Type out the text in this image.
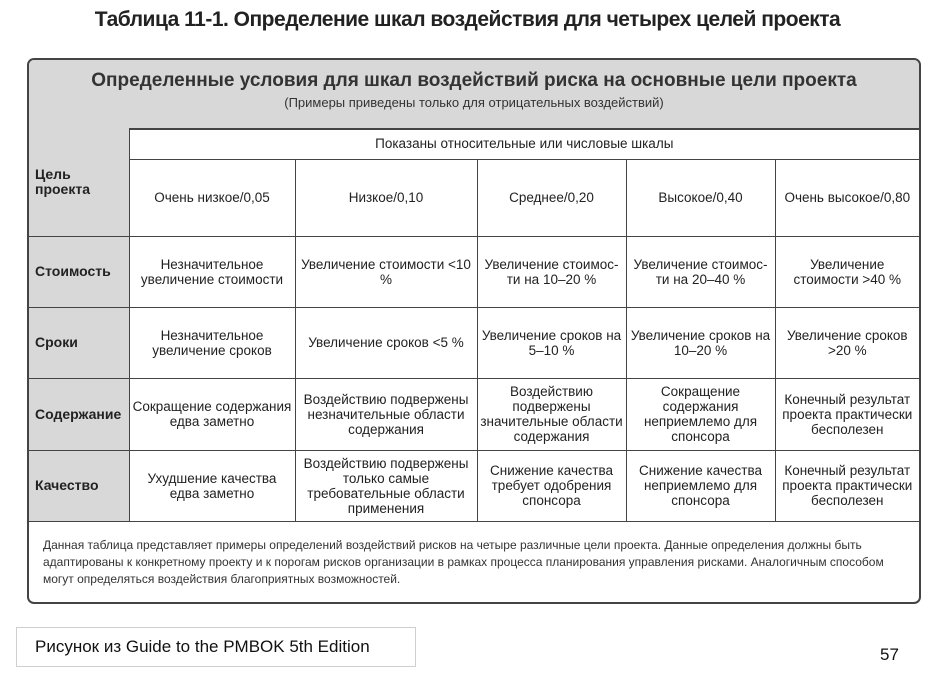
Таблица 11-1. Определение шкал воздействия для четырех целей проекта
Определенные условия для шкал воздействий риска на основные цели проекта
(Примеры приведены только для отрицательных воздействий)
Цель проекта	Показаны относительные или числовые шкалы				
	Очень низкое/0,05	Низкое/0,10	Среднее/0,20	Высокое/0,40	Очень высокое/0,80
Стоимость	Незначительное увеличение стоимости	Увеличение стоимости <10 %	Увеличение стоимос-ти на 10–20 %	Увеличение стоимос-ти на 20–40 %	Увеличение стоимости >40 %
Сроки	Незначительное увеличение сроков	Увеличение сроков <5 %	Увеличение сроков на 5–10 %	Увеличение сроков на 10–20 %	Увеличение сроков >20 %
Содержание	Сокращение содержания едва заметно	Воздействию подвержены незначительные области содержания	Воздействию подвержены значительные области содержания	Сокращение содержания неприемлемо для спонсора	Конечный результат проекта практически бесполезен
Качество	Ухудшение качества едва заметно	Воздействию подвержены только самые требовательные области применения	Снижение качества требует одобрения спонсора	Снижение качества неприемлемо для спонсора	Конечный результат проекта практически бесполезен
Данная таблица представляет примеры определений воздействий рисков на четыре различные цели проекта. Данные определения должны быть адаптированы к конкретному проекту и к порогам рисков организации в рамках процесса планирования управления рисками. Аналогичным способом могут определяться воздействия благоприятных возможностей.
Рисунок из Guide to the PMBOK 5th Edition	57
